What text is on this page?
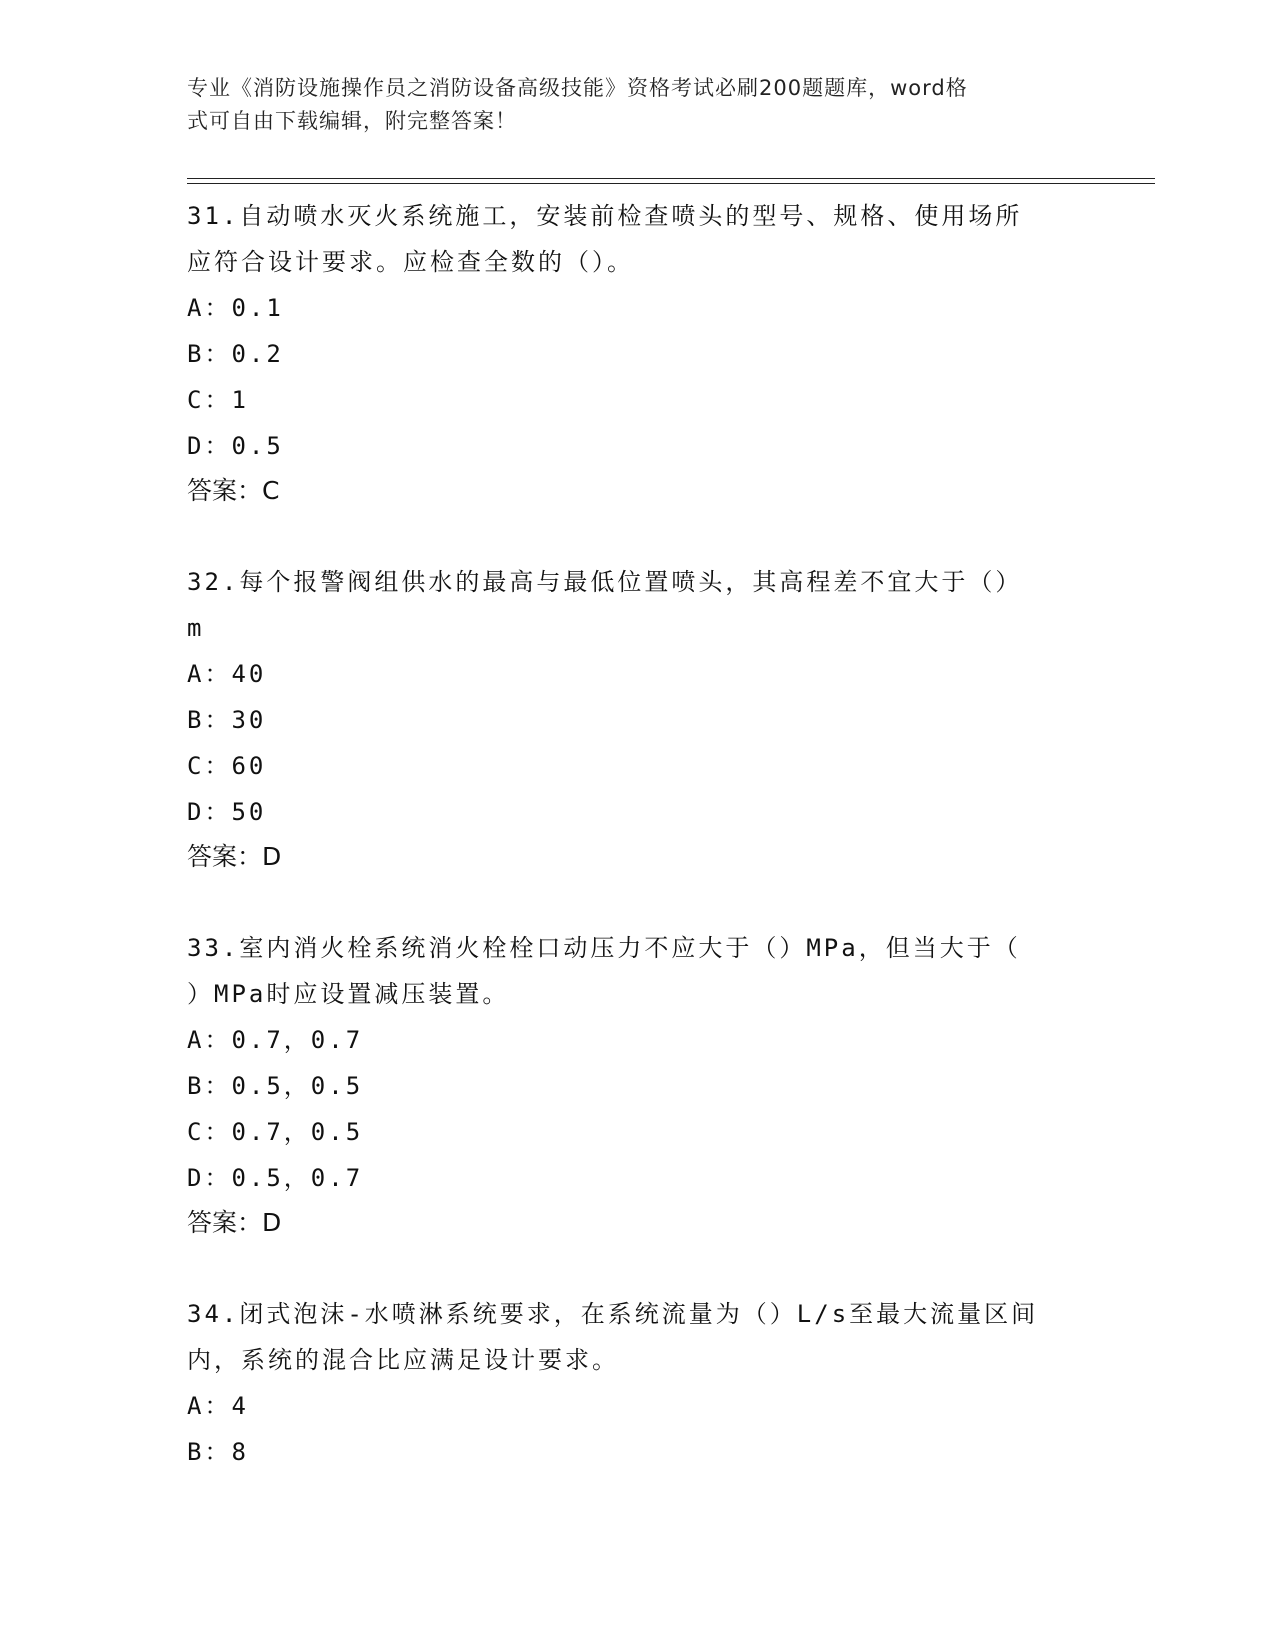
专业《消防设施操作员之消防设备高级技能》资格考试必刷200题题库，word格
式可自由下载编辑，附完整答案！
31.自动喷水灭火系统施工，安装前检查喷头的型号、规格、使用场所
应符合设计要求。应检查全数的（）。
A：0.1
B：0.2
C：1
D：0.5
答案：C
32.每个报警阀组供水的最高与最低位置喷头，其高程差不宜大于（）
m
A：40
B：30
C：60
D：50
答案：D
33.室内消火栓系统消火栓栓口动压力不应大于（）MPa，但当大于（
）MPa时应设置减压装置。
A：0.7，0.7
B：0.5，0.5
C：0.7，0.5
D：0.5，0.7
答案：D
34.闭式泡沫-水喷淋系统要求，在系统流量为（）L/s至最大流量区间
内，系统的混合比应满足设计要求。
A：4
B：8
